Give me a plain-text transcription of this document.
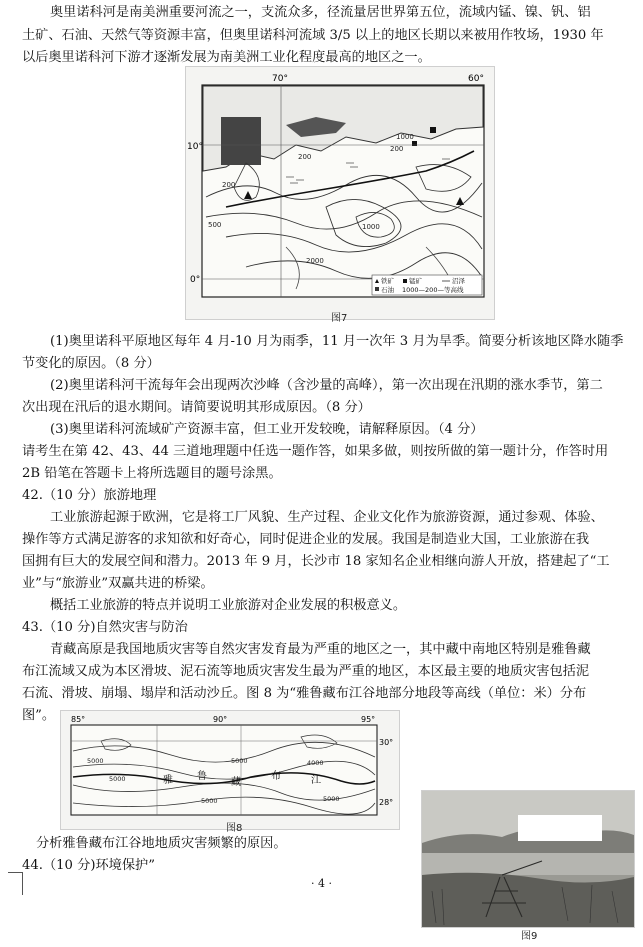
奥里诺科河是南美洲重要河流之一，支流众多，径流量居世界第五位，流域内锰、镍、钒、铝
土矿、石油、天然气等资源丰富，但奥里诺科河流域 3/5 以上的地区长期以来被用作牧场，1930 年
以后奥里诺科河下游才逐渐发展为南美洲工业化程度最高的地区之一。
70°	60°
10°
0°
200
200
1000
200
500	1000
2000
铁矿 锰矿	沼泽
石油 1000—200—等高线
图7
(1)奥里诺科平原地区每年 4 月-10 月为雨季，11 月一次年 3 月为旱季。简要分析该地区降水随季
节变化的原因。（8 分）
(2)奥里诺科河干流每年会出现两次沙峰（含沙量的高峰），第一次出现在汛期的涨水季节，第二
次出现在汛后的退水期间。请简要说明其形成原因。（8 分）
(3)奥里诺科河流域矿产资源丰富，但工业开发较晚，请解释原因。（4 分）
请考生在第 42、43、44 三道地理题中任选一题作答，如果多做，则按所做的第一题计分，作答时用
2B 铅笔在答题卡上将所选题目的题号涂黑。
42.（10 分）旅游地理
工业旅游起源于欧洲，它是将工厂风貌、生产过程、企业文化作为旅游资源，通过参观、体验、
操作等方式满足游客的求知欲和好奇心，同时促进企业的发展。我国是制造业大国，工业旅游在我
国拥有巨大的发展空间和潜力。2013 年 9 月，长沙市 18 家知名企业相继向游人开放，搭建起了“工
业”与“旅游业”双赢共进的桥梁。
概括工业旅游的特点并说明工业旅游对企业发展的积极意义。
43.（10 分)自然灾害与防治
青藏高原是我国地质灾害等自然灾害发育最为严重的地区之一，其中藏中南地区特别是雅鲁藏
布江流域又成为本区滑坡、泥石流等地质灾害发生最为严重的地区，本区最主要的地质灾害包括泥
石流、滑坡、崩塌、塌岸和活动沙丘。图 8 为“雅鲁藏布江谷地部分地段等高线（单位：米）分布
图”。	85°	90°	95°
30°
28°
5000
5000
5000
5000
4000
5000
雅 鲁
藏
布	江
图8
分析雅鲁藏布江谷地地质灾害频繁的原因。
44.（10 分)环境保护”
图9
· 4 ·
